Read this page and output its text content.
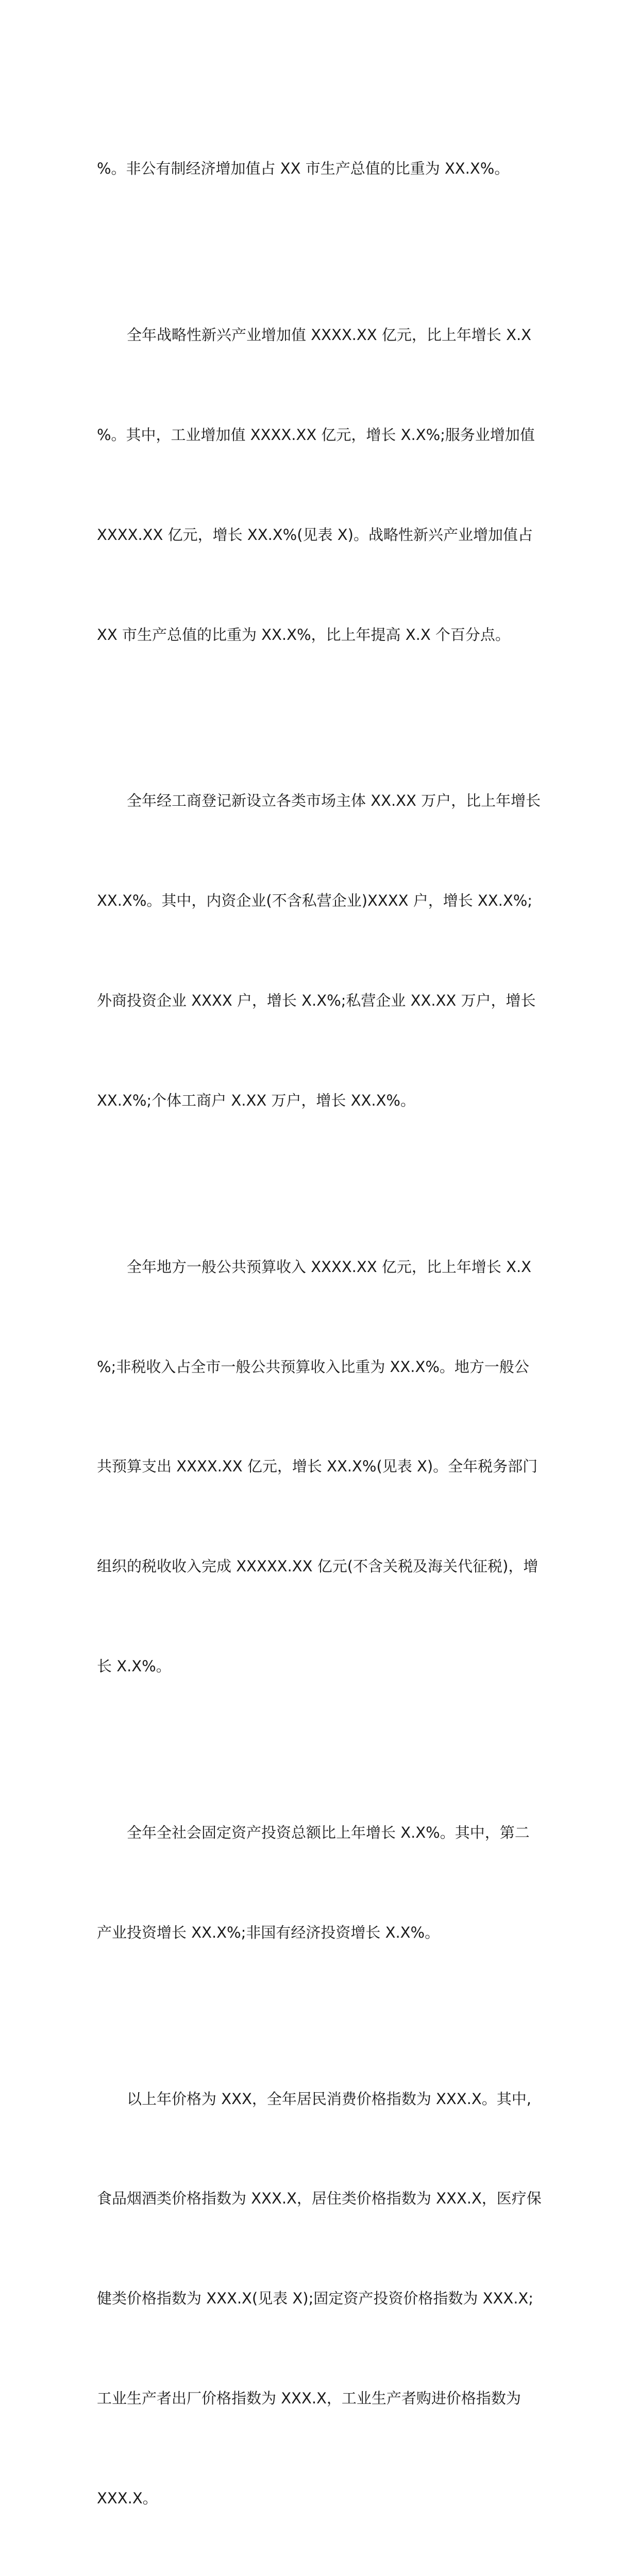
%。非公有制经济增加值占 XX 市生产总值的比重为 XX.X%。

全年战略性新兴产业增加值 XXXX.XX 亿元，比上年增长 X.X

%。其中，工业增加值 XXXX.XX 亿元，增长 X.X%;服务业增加值

XXXX.XX 亿元，增长 XX.X%(见表 X)。战略性新兴产业增加值占

XX 市生产总值的比重为 XX.X%，比上年提高 X.X 个百分点。

全年经工商登记新设立各类市场主体 XX.XX 万户，比上年增长

XX.X%。其中，内资企业(不含私营企业)XXXX 户，增长 XX.X%;

外商投资企业 XXXX 户，增长 X.X%;私营企业 XX.XX 万户，增长

XX.X%;个体工商户 X.XX 万户，增长 XX.X%。

全年地方一般公共预算收入 XXXX.XX 亿元，比上年增长 X.X

%;非税收入占全市一般公共预算收入比重为 XX.X%。地方一般公

共预算支出 XXXX.XX 亿元，增长 XX.X%(见表 X)。全年税务部门

组织的税收收入完成 XXXXX.XX 亿元(不含关税及海关代征税)，增

长 X.X%。

全年全社会固定资产投资总额比上年增长 X.X%。其中，第二

产业投资增长 XX.X%;非国有经济投资增长 X.X%。

以上年价格为 XXX，全年居民消费价格指数为 XXX.X。其中,

食品烟酒类价格指数为 XXX.X，居住类价格指数为 XXX.X，医疗保

健类价格指数为 XXX.X(见表 X);固定资产投资价格指数为 XXX.X;

工业生产者出厂价格指数为 XXX.X，工业生产者购进价格指数为

XXX.X。
